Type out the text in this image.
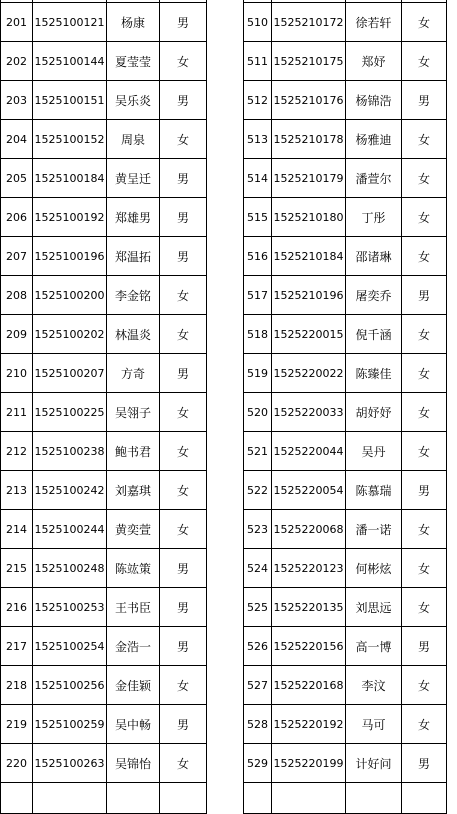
201	1525100121	杨康	男
202	1525100144	夏莹莹	女
203	1525100151	吴乐炎	男
204	1525100152	周泉	女
205	1525100184	黄呈迁	男
206	1525100192	郑雄男	男
207	1525100196	郑温拓	男
208	1525100200	李金铭	女
209	1525100202	林温炎	女
210	1525100207	方奇	男
211	1525100225	吴翎子	女
212	1525100238	鲍书君	女
213	1525100242	刘嘉琪	女
214	1525100244	黄奕萱	女
215	1525100248	陈竑策	男
216	1525100253	王书臣	男
217	1525100254	金浩一	男
218	1525100256	金佳颖	女
219	1525100259	吴中畅	男
220	1525100263	吴锦怡	女

510	1525210172	徐若轩	女
511	1525210175	郑妤	女
512	1525210176	杨锦浩	男
513	1525210178	杨雅迪	女
514	1525210179	潘萱尔	女
515	1525210180	丁彤	女
516	1525210184	邵诸琳	女
517	1525210196	屠奕乔	男
518	1525220015	倪千涵	女
519	1525220022	陈臻佳	女
520	1525220033	胡妤妤	女
521	1525220044	吴丹	女
522	1525220054	陈慕瑞	男
523	1525220068	潘一诺	女
524	1525220123	何彬炫	女
525	1525220135	刘思远	女
526	1525220156	高一博	男
527	1525220168	李汶	女
528	1525220192	马可	女
529	1525220199	计好问	男
